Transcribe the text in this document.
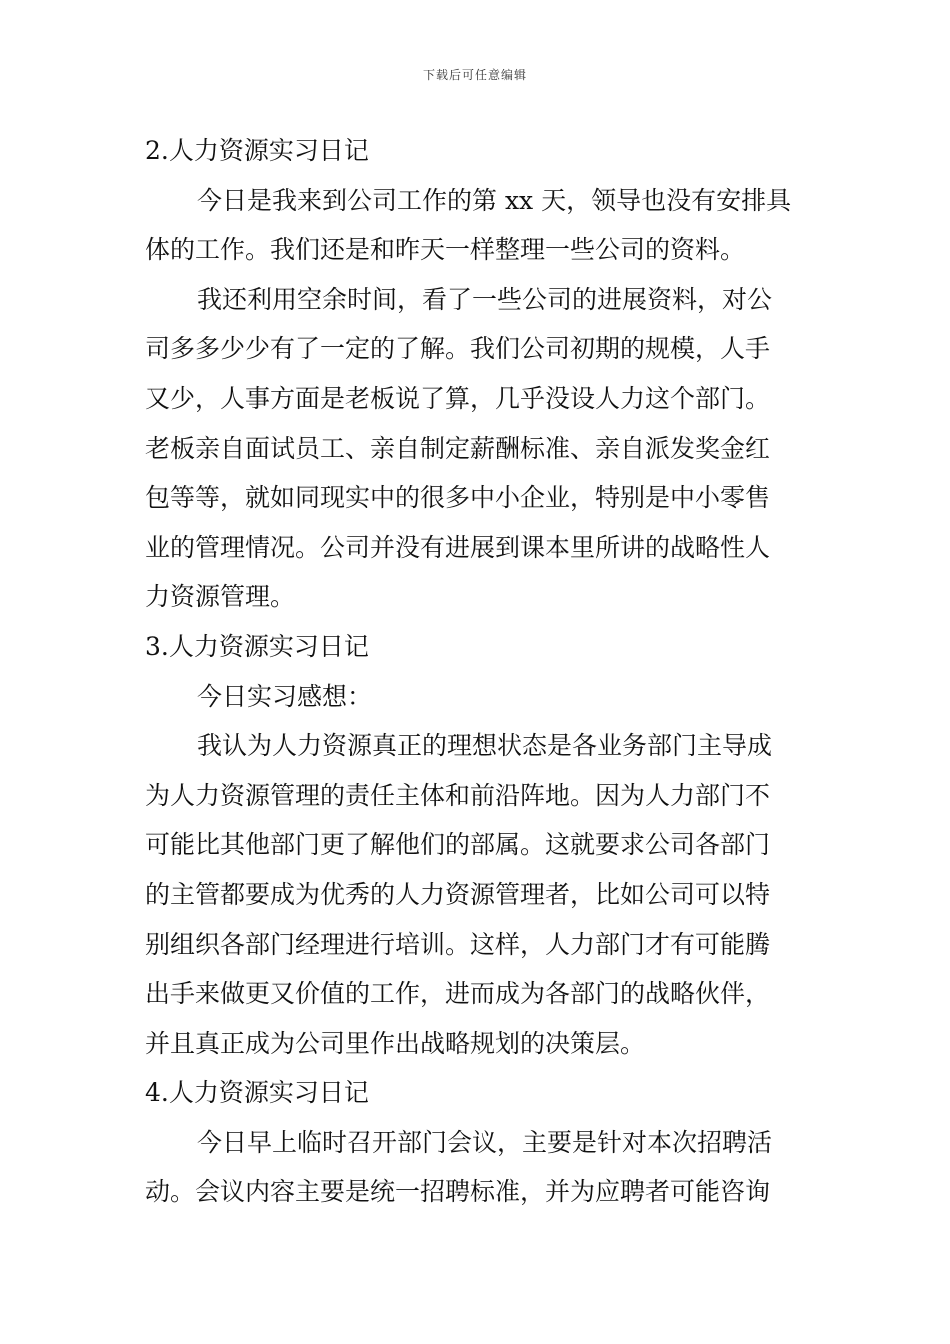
下载后可任意编辑
2.人力资源实习日记
今日是我来到公司工作的第 xx 天，领导也没有安排具
体的工作。我们还是和昨天一样整理一些公司的资料。
我还利用空余时间，看了一些公司的进展资料，对公
司多多少少有了一定的了解。我们公司初期的规模，人手
又少，人事方面是老板说了算，几乎没设人力这个部门。
老板亲自面试员工、亲自制定薪酬标准、亲自派发奖金红
包等等，就如同现实中的很多中小企业，特别是中小零售
业的管理情况。公司并没有进展到课本里所讲的战略性人
力资源管理。
3.人力资源实习日记
今日实习感想：
我认为人力资源真正的理想状态是各业务部门主导成
为人力资源管理的责任主体和前沿阵地。因为人力部门不
可能比其他部门更了解他们的部属。这就要求公司各部门
的主管都要成为优秀的人力资源管理者，比如公司可以特
别组织各部门经理进行培训。这样，人力部门才有可能腾
出手来做更又价值的工作，进而成为各部门的战略伙伴，
并且真正成为公司里作出战略规划的决策层。
4.人力资源实习日记
今日早上临时召开部门会议，主要是针对本次招聘活
动。会议内容主要是统一招聘标准，并为应聘者可能咨询
